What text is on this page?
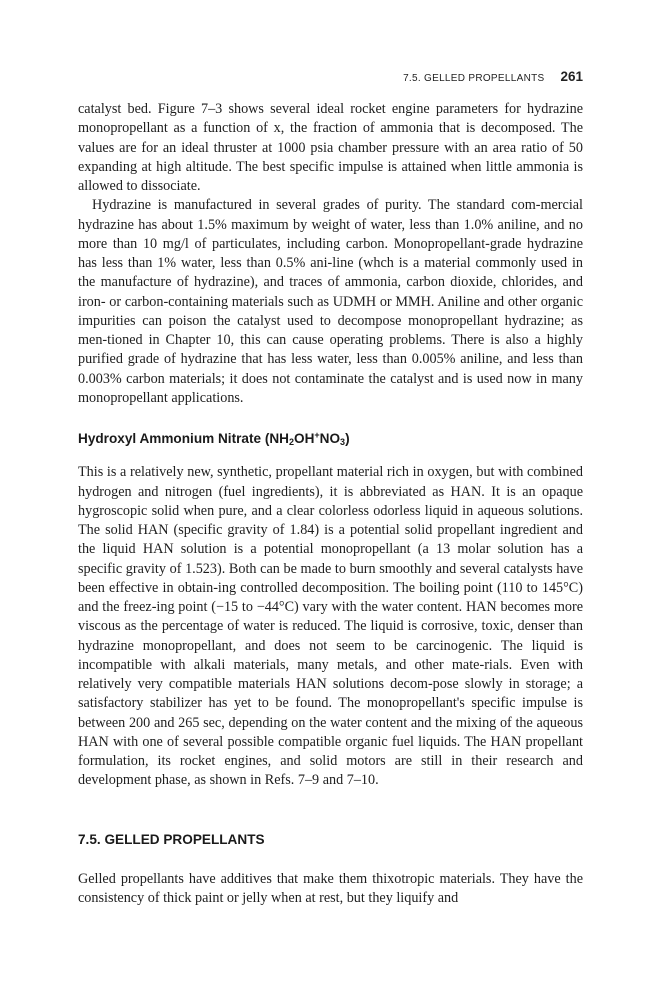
7.5. GELLED PROPELLANTS 261

catalyst bed. Figure 7–3 shows several ideal rocket engine parameters for hydrazine monopropellant as a function of x, the fraction of ammonia that is decomposed. The values are for an ideal thruster at 1000 psia chamber pressure with an area ratio of 50 expanding at high altitude. The best specific impulse is attained when little ammonia is allowed to dissociate.

Hydrazine is manufactured in several grades of purity. The standard com-mercial hydrazine has about 1.5% maximum by weight of water, less than 1.0% aniline, and no more than 10 mg/l of particulates, including carbon. Monopropellant-grade hydrazine has less than 1% water, less than 0.5% ani-line (whch is a material commonly used in the manufacture of hydrazine), and traces of ammonia, carbon dioxide, chlorides, and iron- or carbon-containing materials such as UDMH or MMH. Aniline and other organic impurities can poison the catalyst used to decompose monopropellant hydrazine; as men-tioned in Chapter 10, this can cause operating problems. There is also a highly purified grade of hydrazine that has less water, less than 0.005% aniline, and less than 0.003% carbon materials; it does not contaminate the catalyst and is used now in many monopropellant applications.

Hydroxyl Ammonium Nitrate $(NH_2OH^+NO_3)$

This is a relatively new, synthetic, propellant material rich in oxygen, but with combined hydrogen and nitrogen (fuel ingredients), it is abbreviated as HAN. It is an opaque hygroscopic solid when pure, and a clear colorless odorless liquid in aqueous solutions. The solid HAN (specific gravity of 1.84) is a potential solid propellant ingredient and the liquid HAN solution is a potential monopropellant (a 13 molar solution has a specific gravity of 1.523). Both can be made to burn smoothly and several catalysts have been effective in obtain-ing controlled decomposition. The boiling point (110 to 145°C) and the freez-ing point (−15 to −44°C) vary with the water content. HAN becomes more viscous as the percentage of water is reduced. The liquid is corrosive, toxic, denser than hydrazine monopropellant, and does not seem to be carcinogenic. The liquid is incompatible with alkali materials, many metals, and other mate-rials. Even with relatively very compatible materials HAN solutions decom-pose slowly in storage; a satisfactory stabilizer has yet to be found. The monopropellant's specific impulse is between 200 and 265 sec, depending on the water content and the mixing of the aqueous HAN with one of several possible compatible organic fuel liquids. The HAN propellant formulation, its rocket engines, and solid motors are still in their research and development phase, as shown in Refs. 7–9 and 7–10.

7.5. GELLED PROPELLANTS

Gelled propellants have additives that make them thixotropic materials. They have the consistency of thick paint or jelly when at rest, but they liquify and
